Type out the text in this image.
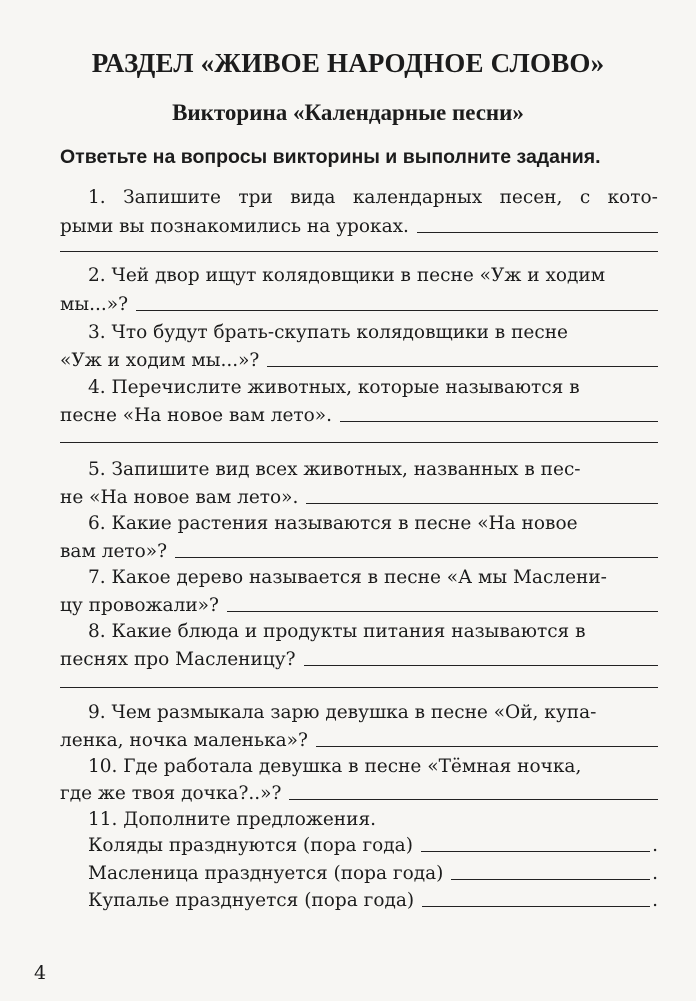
РАЗДЕЛ «ЖИВОЕ НАРОДНОЕ СЛОВО»
Викторина «Календарные песни»
Ответьте на вопросы викторины и выполните задания.
1. Запишите три вида календарных песен, с кото-
рыми вы познакомились на уроках.
2. Чей двор ищут колядовщики в песне «Уж и ходим
мы...»?
3. Что будут брать-скупать колядовщики в песне
«Уж и ходим мы...»?
4. Перечислите животных, которые называются в
песне «На новое вам лето».
5. Запишите вид всех животных, названных в пес-
не «На новое вам лето».
6. Какие растения называются в песне «На новое
вам лето»?
7. Какое дерево называется в песне «А мы Маслени-
цу провожали»?
8. Какие блюда и продукты питания называются в
песнях про Масленицу?
9. Чем размыкала зарю девушка в песне «Ой, купа-
ленка, ночка маленька»?
10. Где работала девушка в песне «Тёмная ночка,
где же твоя дочка?..»?
11. Дополните предложения.
Коляды празднуются (пора года)	.
Масленица празднуется (пора года)	.
Купалье празднуется (пора года)	.
4
